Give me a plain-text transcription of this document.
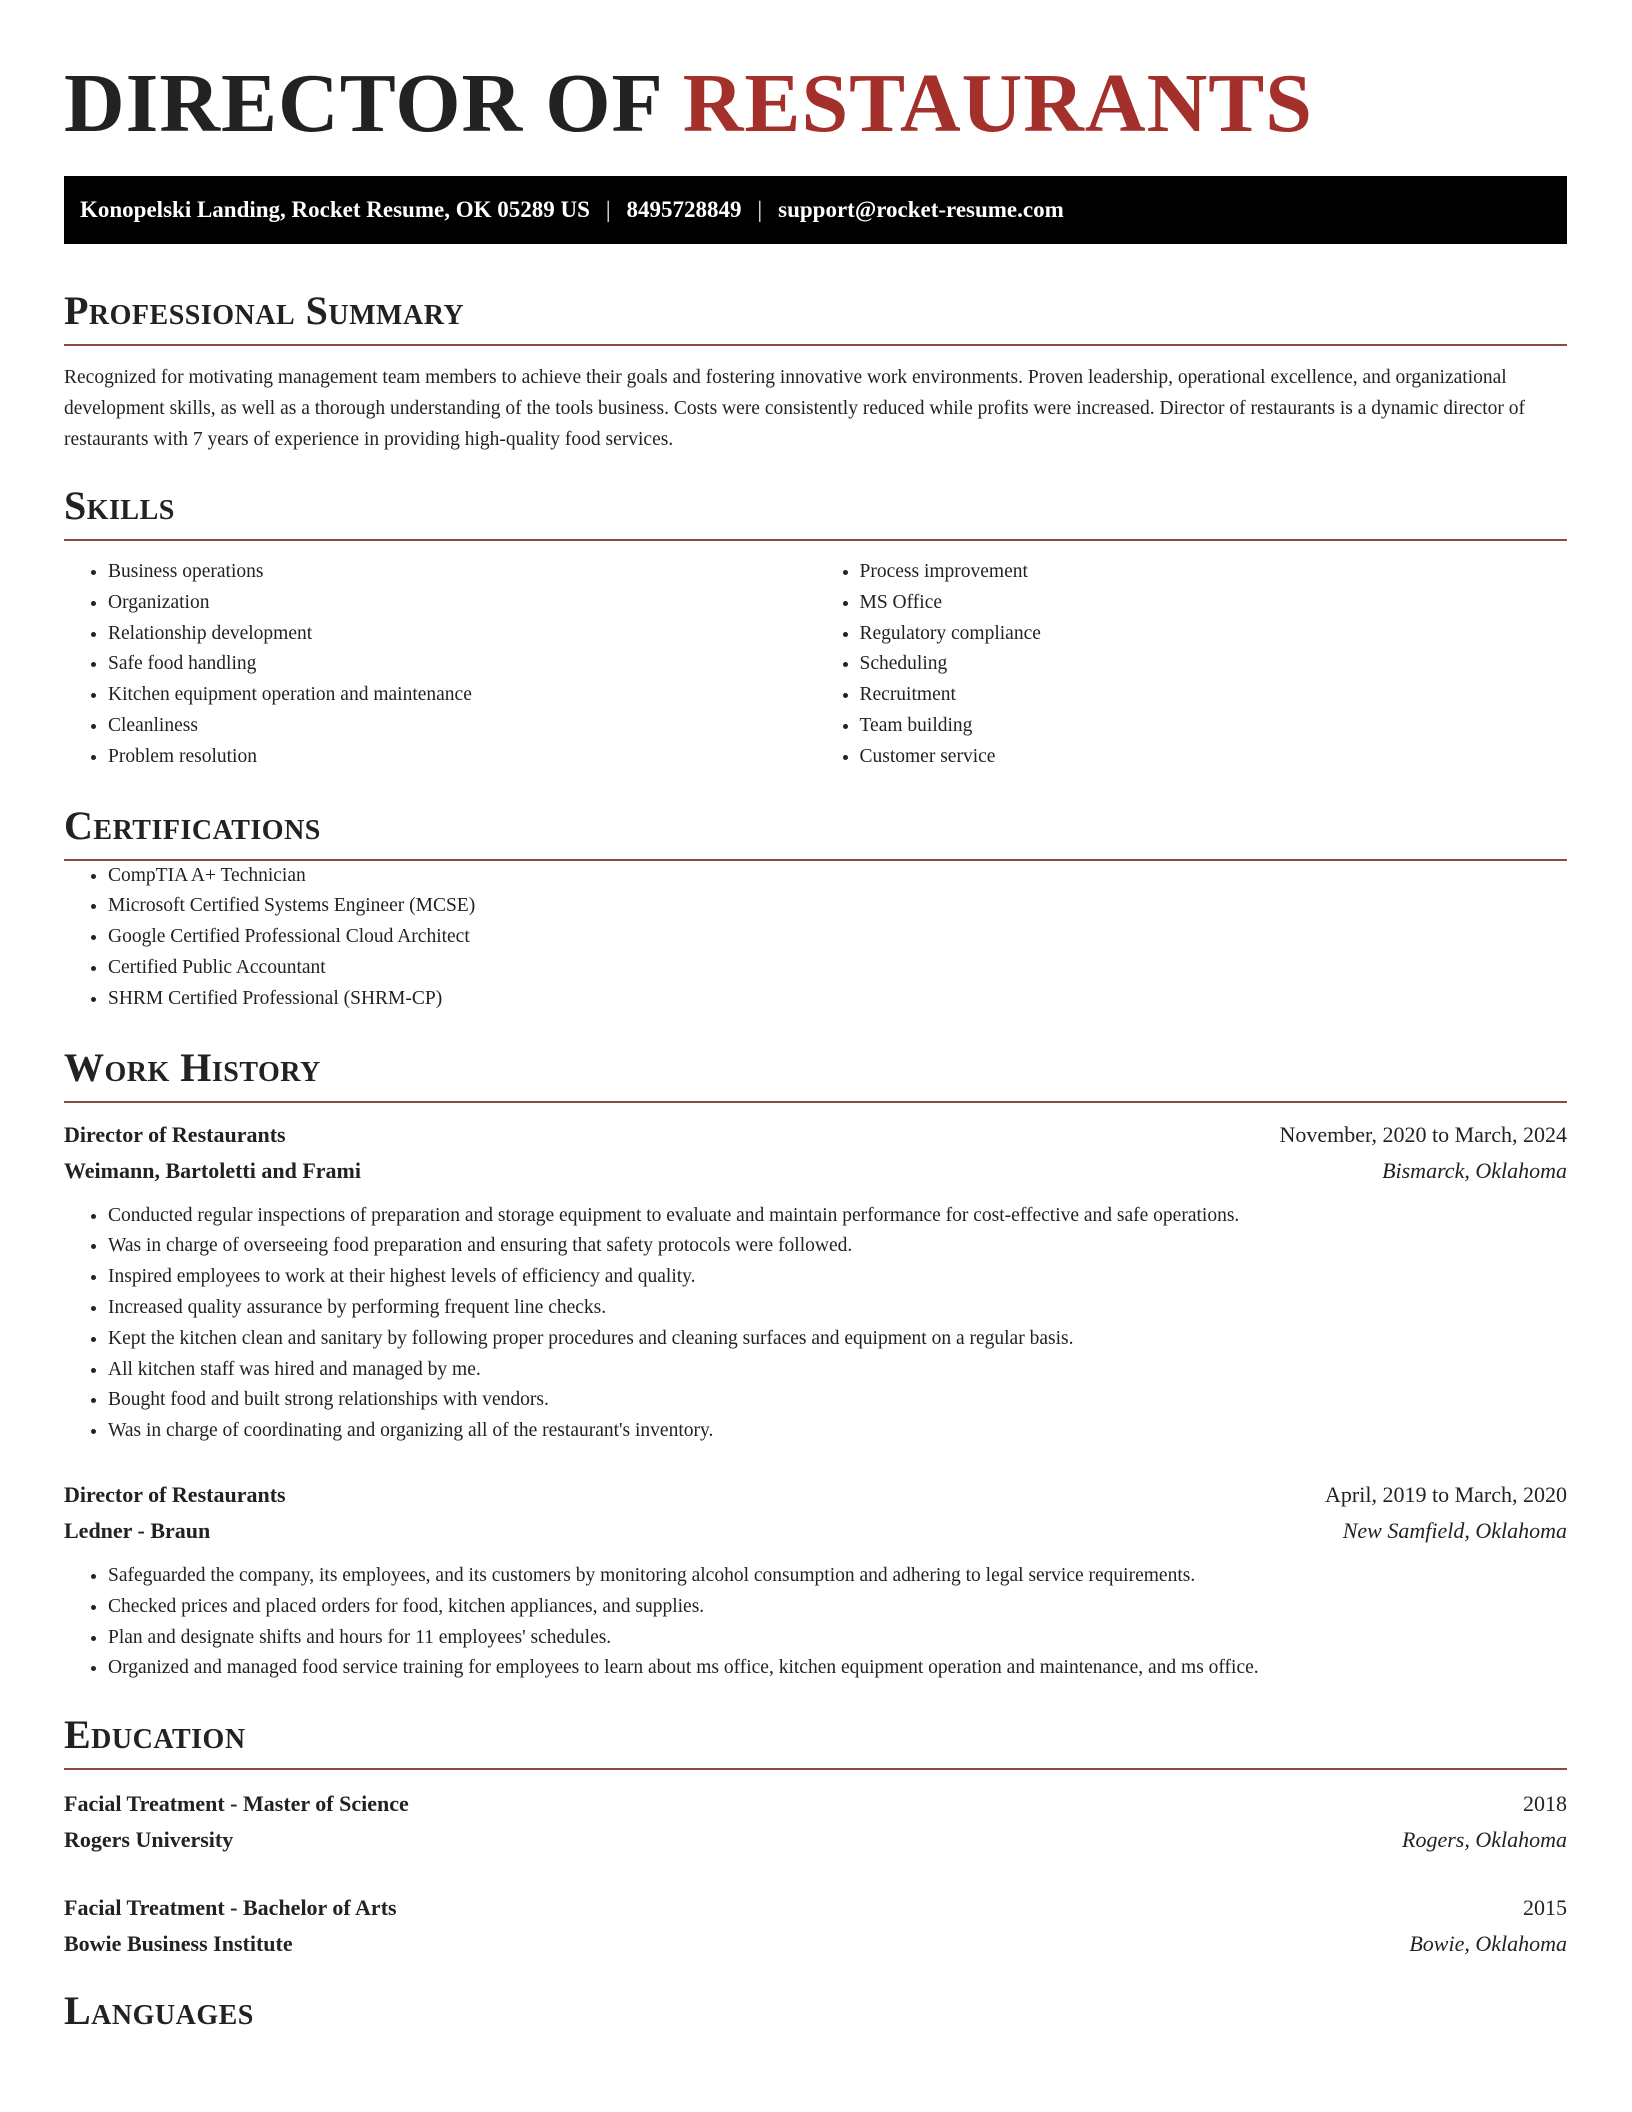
DIRECTOR OF RESTAURANTS
Konopelski Landing, Rocket Resume, OK 05289 US | 8495728849 | support@rocket-resume.com
Professional Summary

Recognized for motivating management team members to achieve their goals and fostering innovative work environments. Proven leadership, operational excellence, and organizational development skills, as well as a thorough understanding of the tools business. Costs were consistently reduced while profits were increased. Director of restaurants is a dynamic director of restaurants with 7 years of experience in providing high-quality food services.

Skills
• Business operations
• Organization
• Relationship development
• Safe food handling
• Kitchen equipment operation and maintenance
• Cleanliness
• Problem resolution
• Process improvement
• MS Office
• Regulatory compliance
• Scheduling
• Recruitment
• Team building
• Customer service
Certifications
• CompTIA A+ Technician
• Microsoft Certified Systems Engineer (MCSE)
• Google Certified Professional Cloud Architect
• Certified Public Accountant
• SHRM Certified Professional (SHRM-CP)
Work History
Director of Restaurants	November, 2020 to March, 2024
Weimann, Bartoletti and Frami	Bismarck, Oklahoma
• Conducted regular inspections of preparation and storage equipment to evaluate and maintain performance for cost-effective and safe operations.
• Was in charge of overseeing food preparation and ensuring that safety protocols were followed.
• Inspired employees to work at their highest levels of efficiency and quality.
• Increased quality assurance by performing frequent line checks.
• Kept the kitchen clean and sanitary by following proper procedures and cleaning surfaces and equipment on a regular basis.
• All kitchen staff was hired and managed by me.
• Bought food and built strong relationships with vendors.
• Was in charge of coordinating and organizing all of the restaurant's inventory.
Director of Restaurants	April, 2019 to March, 2020
Ledner - Braun	New Samfield, Oklahoma
• Safeguarded the company, its employees, and its customers by monitoring alcohol consumption and adhering to legal service requirements.
• Checked prices and placed orders for food, kitchen appliances, and supplies.
• Plan and designate shifts and hours for 11 employees' schedules.
• Organized and managed food service training for employees to learn about ms office, kitchen equipment operation and maintenance, and ms office.
Education
Facial Treatment - Master of Science	2018
Rogers University	Rogers, Oklahoma
Facial Treatment - Bachelor of Arts	2015
Bowie Business Institute	Bowie, Oklahoma
Languages
